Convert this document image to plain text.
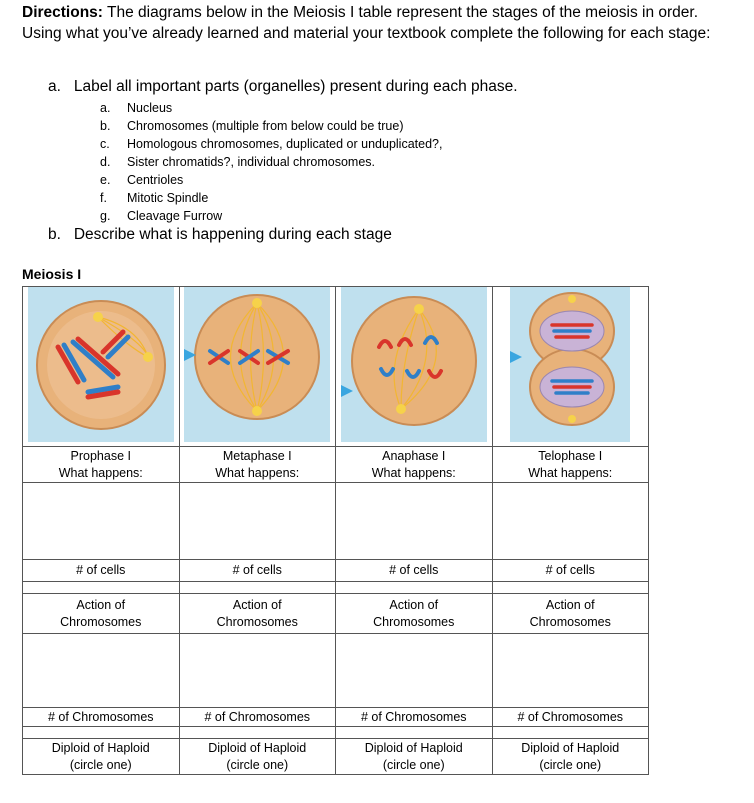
Directions: The diagrams below in the Meiosis I table represent the stages of the meiosis in order. Using what you’ve already learned and material your textbook complete the following for each stage:
a. Label all important parts (organelles) present during each phase.
a.	Nucleus
b.	Chromosomes (multiple from below could be true)
c.	Homologous chromosomes, duplicated or unduplicated?,
d.	Sister chromatids?, individual chromosomes.
e.	Centrioles
f.	Mitotic Spindle
g.	Cleavage Furrow
b. Describe what is happening during each stage
Meiosis I

Prophase I
What happens:	Metaphase I
What happens:	Anaphase I
What happens:	Telophase I
What happens:

# of cells	# of cells	# of cells	# of cells

Action of
Chromosomes	Action of
Chromosomes	Action of
Chromosomes	Action of
Chromosomes

# of Chromosomes	# of Chromosomes	# of Chromosomes	# of Chromosomes

Diploid of Haploid
(circle one)	Diploid of Haploid
(circle one)	Diploid of Haploid
(circle one)	Diploid of Haploid
(circle one)
